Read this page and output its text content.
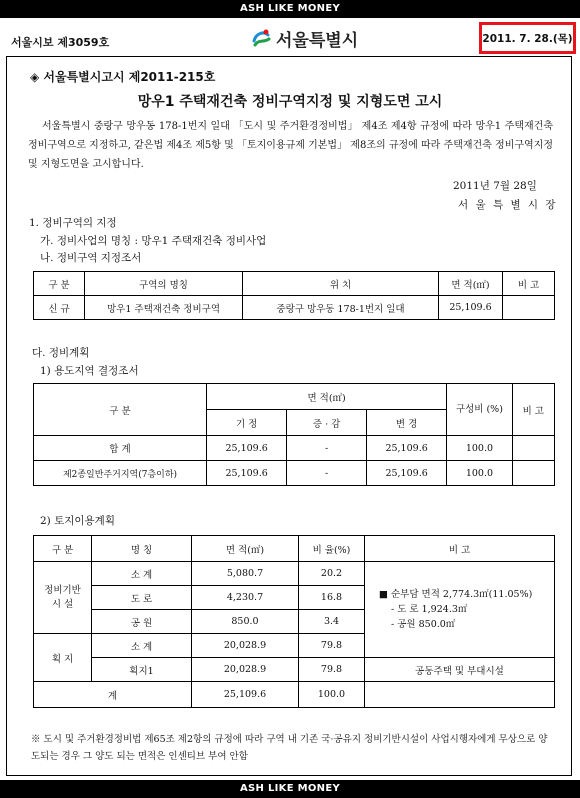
ASH LIKE MONEY
서울시보 제3059호	서울특별시	2011. 7. 28.(목)
◈ 서울특별시고시 제2011-215호
망우1 주택재건축 정비구역지정 및 지형도면 고시
서울특별시 중랑구 망우동 178-1번지 일대 「도시 및 주거환경정비법」 제4조 제4항 규정에 따라 망우1 주택재건축 정비구역으로 지정하고, 같은법 제4조 제5항 및 「토지이용규제 기본법」 제8조의 규정에 따라 주택재건축 정비구역지정 및 지형도면을 고시합니다.
2011년 7월 28일
서 울 특 별 시 장
1. 정비구역의 지정
가. 정비사업의 명칭 : 망우1 주택재건축 정비사업
나. 정비구역 지정조서
구 분	구역의 명칭	위 치	면 적(㎡)	비 고
신 규	망우1 주택재건축 정비구역	중랑구 망우동 178-1번지 일대	25,109.6	
다. 정비계획
1) 용도지역 결정조서
구 분	면 적(㎡)			구성비 (%)	비 고
	기 정	증 · 감	변 경		
합 계	25,109.6	-	25,109.6	100.0	
제2종일반주거지역(7층이하)	25,109.6	-	25,109.6	100.0	
2) 토지이용계획
구 분	명 칭	면 적(㎡)	비 율(%)	비 고
정비기반 시 설	소 계	5,080.7	20.2	■ 순부담 면적 2,774.3㎡(11.05%)
- 도 로 1,924.3㎡
- 공원 850.0㎡

	도 로	4,230.7	16.8	
	공 원	850.0	3.4	
획 지	소 계	20,028.9	79.8	
	획지1	20,028.9	79.8	공동주택 및 부대시설
계		25,109.6	100.0	
※ 도시 및 주거환경정비법 제65조 제2항의 규정에 따라 구역 내 기존 국·공유지 정비기반시설이 사업시행자에게 무상으로 양도되는 경우 그 양도 되는 면적은 인센티브 부여 안함
ASH LIKE MONEY
